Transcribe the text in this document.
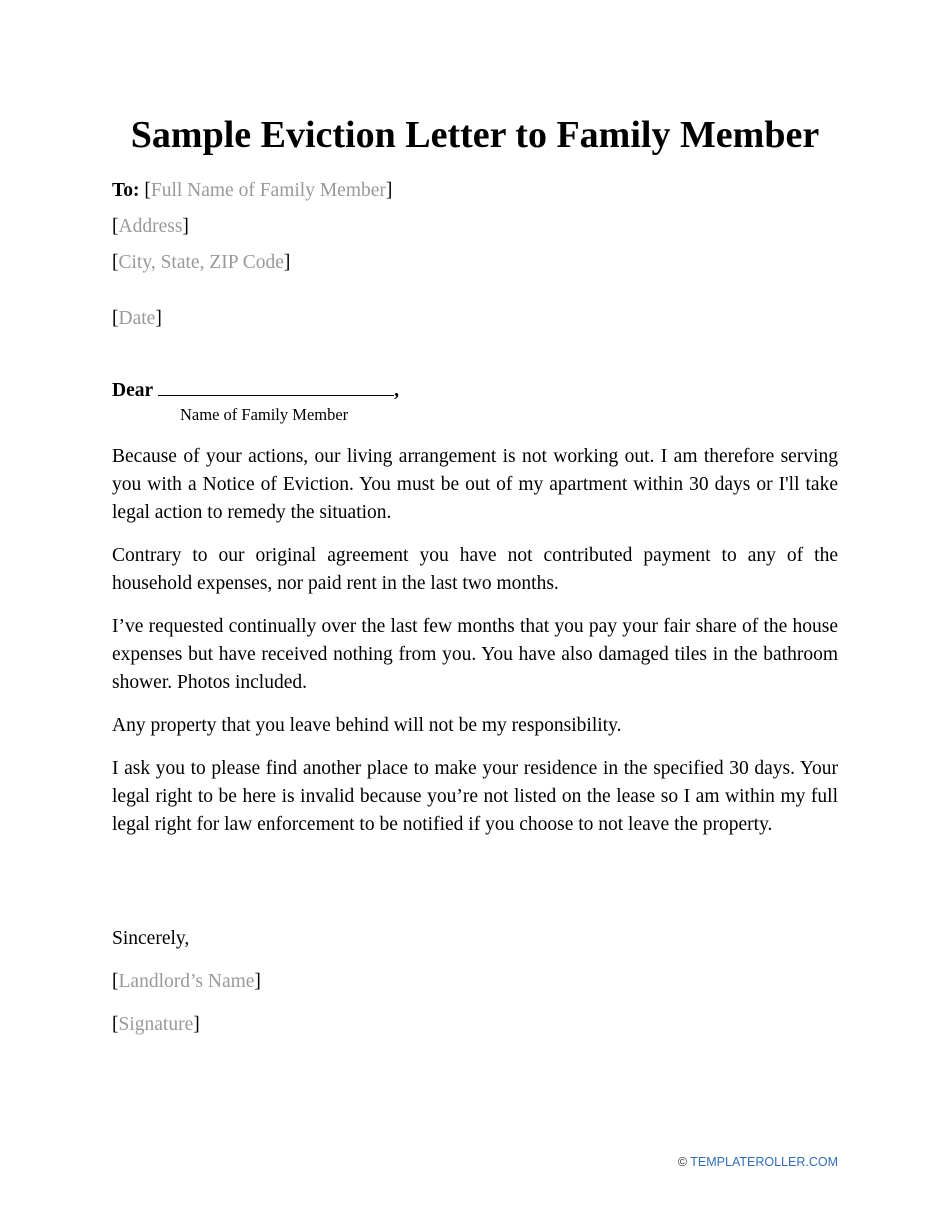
Sample Eviction Letter to Family Member
To: [Full Name of Family Member]
[Address]
[City, State, ZIP Code]
[Date]
Dear	,
Name of Family Member

Because of your actions, our living arrangement is not working out. I am therefore serving you with a Notice of Eviction. You must be out of my apartment within 30 days or I'll take legal action to remedy the situation.

Contrary to our original agreement you have not contributed payment to any of the household expenses, nor paid rent in the last two months.

I’ve requested continually over the last few months that you pay your fair share of the house expenses but have received nothing from you. You have also damaged tiles in the bathroom shower. Photos included.

Any property that you leave behind will not be my responsibility.

I ask you to please find another place to make your residence in the specified 30 days. Your legal right to be here is invalid because you’re not listed on the lease so I am within my full legal right for law enforcement to be notified if you choose to not leave the property.

Sincerely,
[Landlord’s Name]
[Signature]
© TEMPLATEROLLER.COM
